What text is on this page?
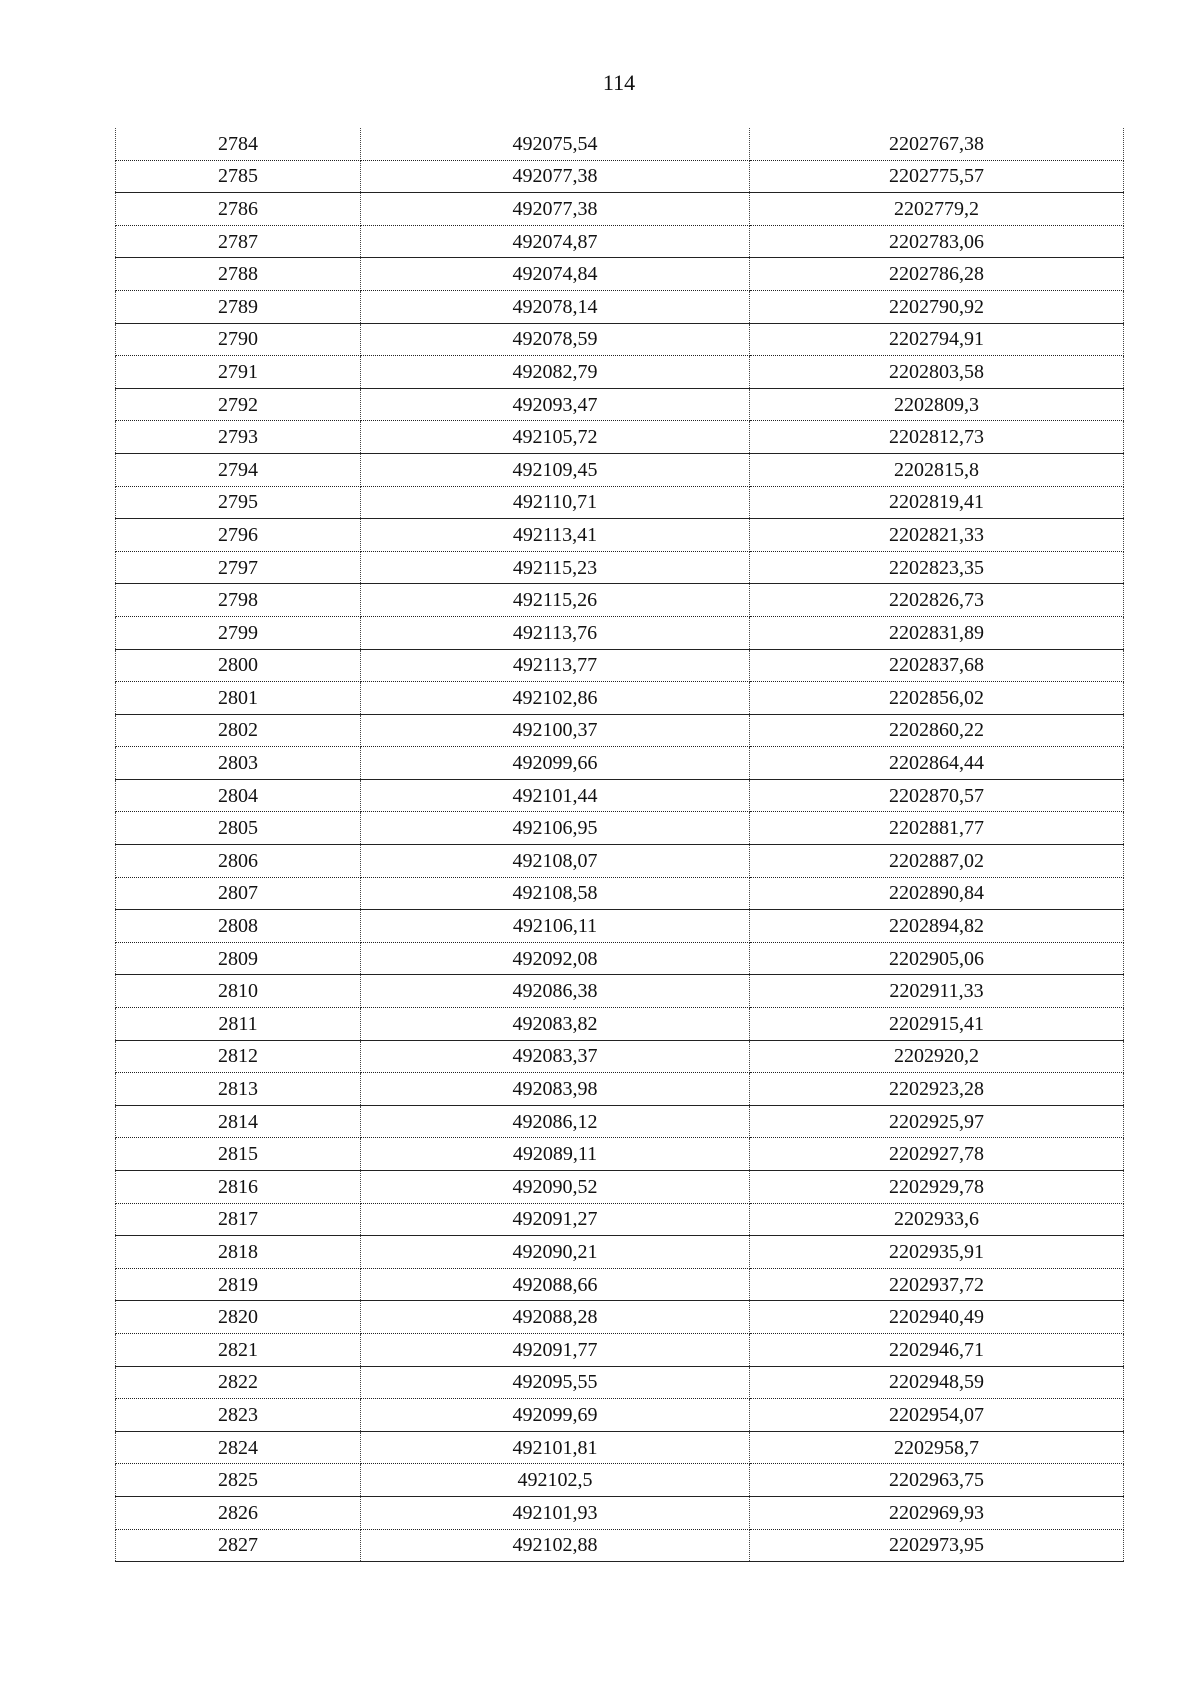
114
2784	492075,54	2202767,38
2785	492077,38	2202775,57
2786	492077,38	2202779,2
2787	492074,87	2202783,06
2788	492074,84	2202786,28
2789	492078,14	2202790,92
2790	492078,59	2202794,91
2791	492082,79	2202803,58
2792	492093,47	2202809,3
2793	492105,72	2202812,73
2794	492109,45	2202815,8
2795	492110,71	2202819,41
2796	492113,41	2202821,33
2797	492115,23	2202823,35
2798	492115,26	2202826,73
2799	492113,76	2202831,89
2800	492113,77	2202837,68
2801	492102,86	2202856,02
2802	492100,37	2202860,22
2803	492099,66	2202864,44
2804	492101,44	2202870,57
2805	492106,95	2202881,77
2806	492108,07	2202887,02
2807	492108,58	2202890,84
2808	492106,11	2202894,82
2809	492092,08	2202905,06
2810	492086,38	2202911,33
2811	492083,82	2202915,41
2812	492083,37	2202920,2
2813	492083,98	2202923,28
2814	492086,12	2202925,97
2815	492089,11	2202927,78
2816	492090,52	2202929,78
2817	492091,27	2202933,6
2818	492090,21	2202935,91
2819	492088,66	2202937,72
2820	492088,28	2202940,49
2821	492091,77	2202946,71
2822	492095,55	2202948,59
2823	492099,69	2202954,07
2824	492101,81	2202958,7
2825	492102,5	2202963,75
2826	492101,93	2202969,93
2827	492102,88	2202973,95
